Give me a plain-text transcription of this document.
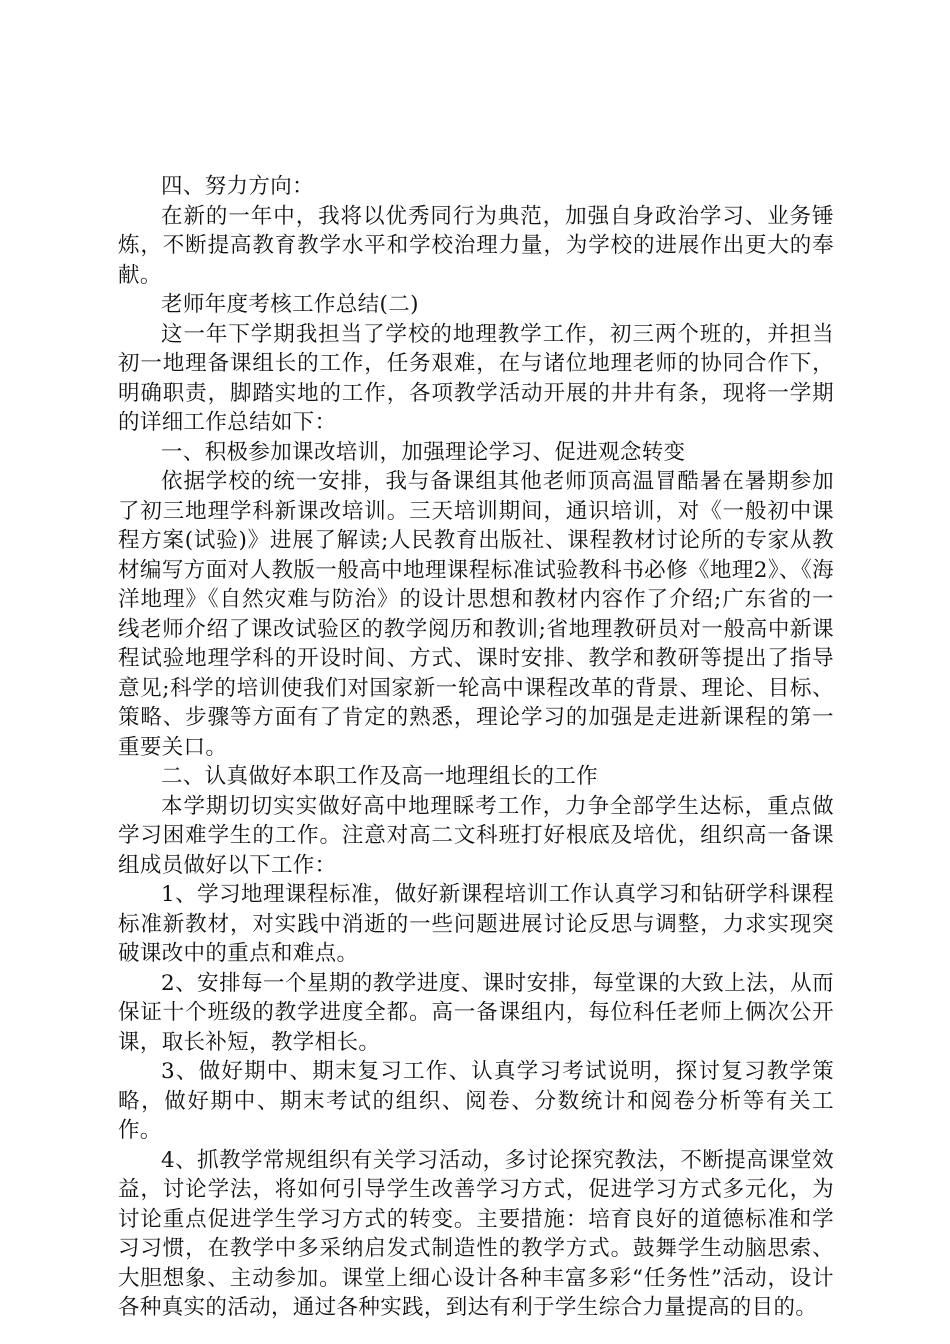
四、努力方向：

在新的一年中，我将以优秀同行为典范，加强自身政治学习、业务锤炼，不断提高教育教学水平和学校治理力量，为学校的进展作出更大的奉献。

老师年度考核工作总结(二)

这一年下学期我担当了学校的地理教学工作，初三两个班的，并担当初一地理备课组长的工作，任务艰难，在与诸位地理老师的协同合作下，明确职责，脚踏实地的工作，各项教学活动开展的井井有条，现将一学期的详细工作总结如下：

一、积极参加课改培训，加强理论学习、促进观念转变

依据学校的统一安排，我与备课组其他老师顶高温冒酷暑在暑期参加了初三地理学科新课改培训。三天培训期间，通识培训，对《一般初中课程方案(试验)》进展了解读;人民教育出版社、课程教材讨论所的专家从教材编写方面对人教版一般高中地理课程标准试验教科书必修《地理2》、《海洋地理》《自然灾难与防治》的设计思想和教材内容作了介绍;广东省的一线老师介绍了课改试验区的教学阅历和教训;省地理教研员对一般高中新课程试验地理学科的开设时间、方式、课时安排、教学和教研等提出了指导意见;科学的培训使我们对国家新一轮高中课程改革的背景、理论、目标、策略、步骤等方面有了肯定的熟悉，理论学习的加强是走进新课程的第一重要关口。

二、认真做好本职工作及高一地理组长的工作

本学期切切实实做好高中地理睬考工作，力争全部学生达标，重点做学习困难学生的工作。注意对高二文科班打好根底及培优，组织高一备课组成员做好以下工作：

1、学习地理课程标准，做好新课程培训工作认真学习和钻研学科课程标准新教材，对实践中消逝的一些问题进展讨论反思与调整，力求实现突破课改中的重点和难点。

2、安排每一个星期的教学进度、课时安排，每堂课的大致上法，从而保证十个班级的教学进度全都。高一备课组内，每位科任老师上俩次公开课，取长补短，教学相长。

3、做好期中、期末复习工作、认真学习考试说明，探讨复习教学策略，做好期中、期末考试的组织、阅卷、分数统计和阅卷分析等有关工作。

4、抓教学常规组织有关学习活动，多讨论探究教法，不断提高课堂效益，讨论学法，将如何引导学生改善学习方式，促进学习方式多元化，为讨论重点促进学生学习方式的转变。主要措施：培育良好的道德标准和学习习惯，在教学中多采纳启发式制造性的教学方式。鼓舞学生动脑思索、大胆想象、主动参加。课堂上细心设计各种丰富多彩“任务性”活动，设计各种真实的活动，通过各种实践，到达有利于学生综合力量提高的目的。
